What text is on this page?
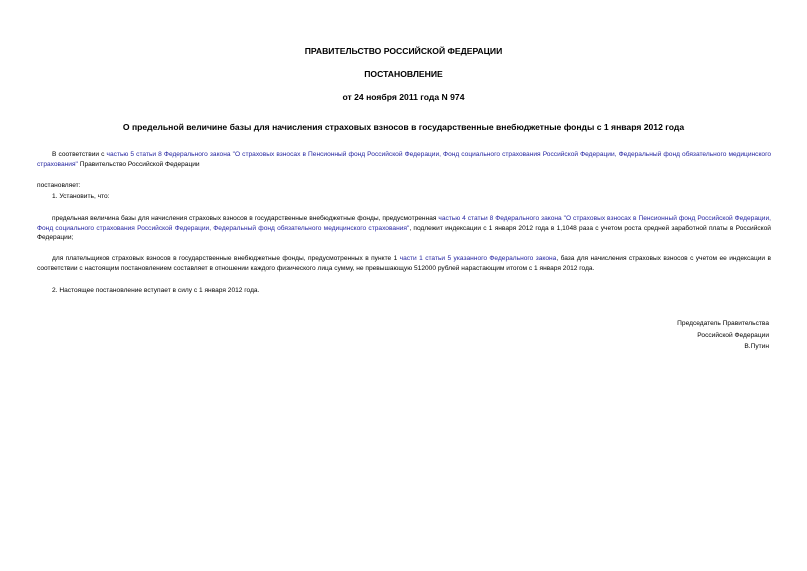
ПРАВИТЕЛЬСТВО РОССИЙСКОЙ ФЕДЕРАЦИИ
ПОСТАНОВЛЕНИЕ
от 24 ноября 2011 года N 974
О предельной величине базы для начисления страховых взносов в государственные внебюджетные фонды с 1 января 2012 года
В соответствии с частью 5 статьи 8 Федерального закона "О страховых взносах в Пенсионный фонд Российской Федерации, Фонд социального страхования Российской Федерации, Федеральный фонд обязательного медицинского страхования" Правительство Российской Федерации
постановляет:
1. Установить, что:
предельная величина базы для начисления страховых взносов в государственные внебюджетные фонды, предусмотренная частью 4 статьи 8 Федерального закона "О страховых взносах в Пенсионный фонд Российской Федерации, Фонд социального страхования Российской Федерации, Федеральный фонд обязательного медицинского страхования", подлежит индексации с 1 января 2012 года в 1,1048 раза с учетом роста средней заработной платы в Российской Федерации;
для плательщиков страховых взносов в государственные внебюджетные фонды, предусмотренных в пункте 1 части 1 статьи 5 указанного Федерального закона, база для начисления страховых взносов с учетом ее индексации в соответствии с настоящим постановлением составляет в отношении каждого физического лица сумму, не превышающую 512000 рублей нарастающим итогом с 1 января 2012 года.
2. Настоящее постановление вступает в силу с 1 января 2012 года.
Председатель Правительства
Российской Федерации
В.Путин
